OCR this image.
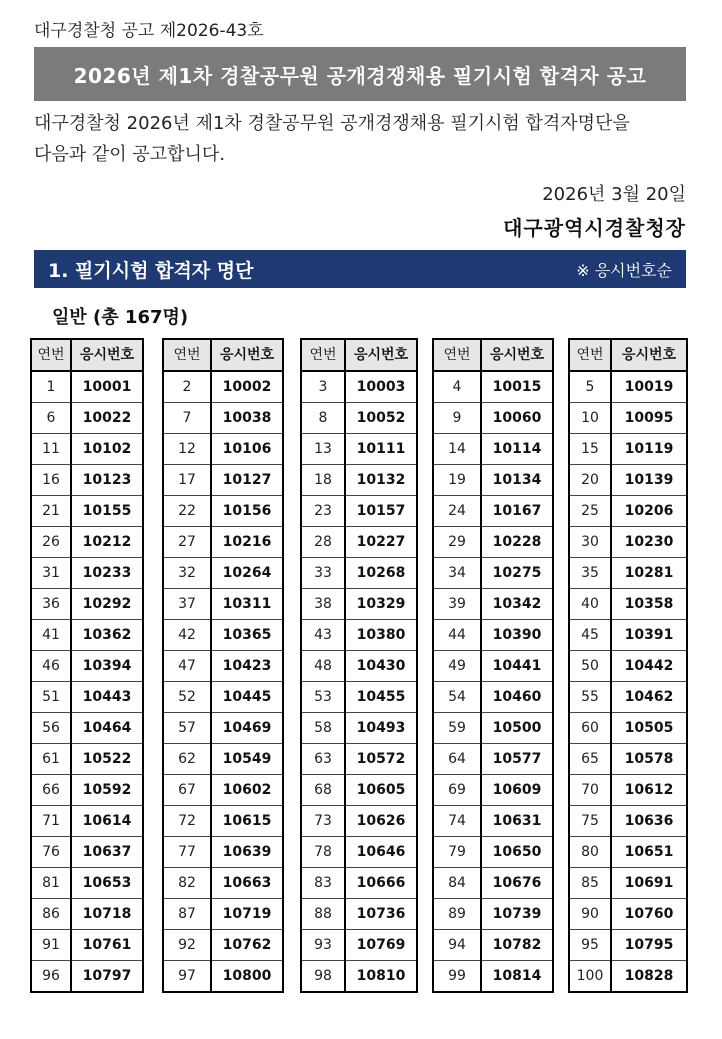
대구경찰청 공고 제2026-43호
2026년 제1차 경찰공무원 공개경쟁채용 필기시험 합격자 공고
대구경찰청 2026년 제1차 경찰공무원 공개경쟁채용 필기시험 합격자명단을
다음과 같이 공고합니다.
2026년 3월 20일
대구광역시경찰청장
1. 필기시험 합격자 명단	※ 응시번호순
일반 (총 167명)
연번	응시번호
1	10001
6	10022
11	10102
16	10123
21	10155
26	10212
31	10233
36	10292
41	10362
46	10394
51	10443
56	10464
61	10522
66	10592
71	10614
76	10637
81	10653
86	10718
91	10761
96	10797
연번	응시번호
2	10002
7	10038
12	10106
17	10127
22	10156
27	10216
32	10264
37	10311
42	10365
47	10423
52	10445
57	10469
62	10549
67	10602
72	10615
77	10639
82	10663
87	10719
92	10762
97	10800
연번	응시번호
3	10003
8	10052
13	10111
18	10132
23	10157
28	10227
33	10268
38	10329
43	10380
48	10430
53	10455
58	10493
63	10572
68	10605
73	10626
78	10646
83	10666
88	10736
93	10769
98	10810
연번	응시번호
4	10015
9	10060
14	10114
19	10134
24	10167
29	10228
34	10275
39	10342
44	10390
49	10441
54	10460
59	10500
64	10577
69	10609
74	10631
79	10650
84	10676
89	10739
94	10782
99	10814
연번	응시번호
5	10019
10	10095
15	10119
20	10139
25	10206
30	10230
35	10281
40	10358
45	10391
50	10442
55	10462
60	10505
65	10578
70	10612
75	10636
80	10651
85	10691
90	10760
95	10795
100	10828
